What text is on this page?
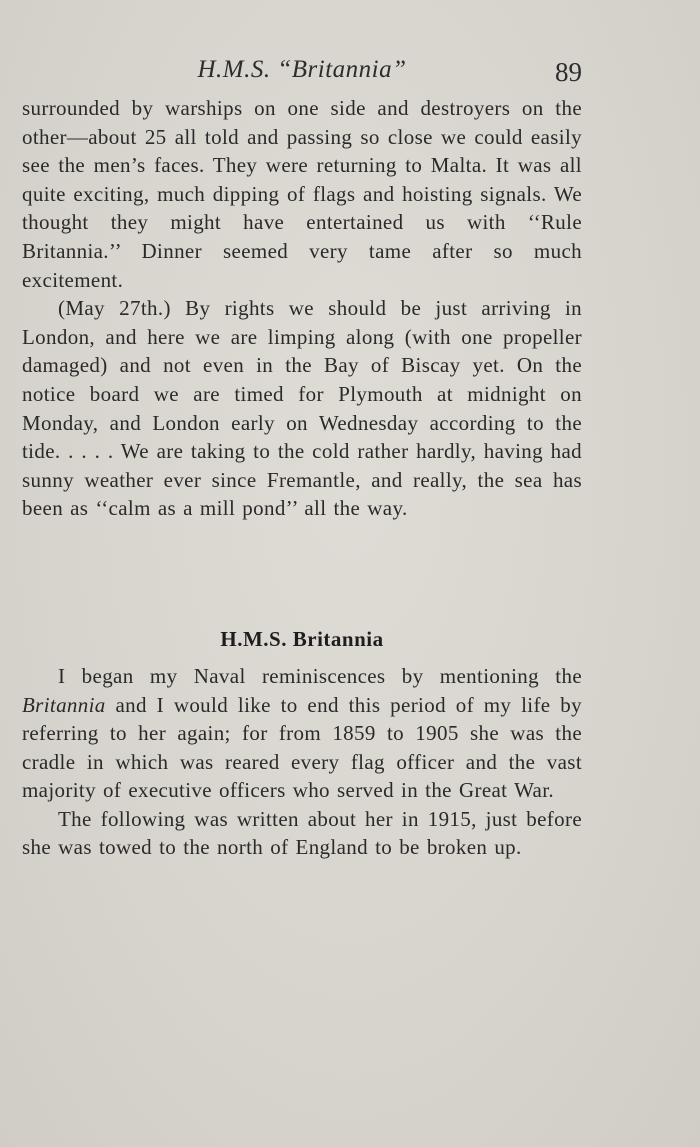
H.M.S. “Britannia”	89

surrounded by warships on one side and destroyers on the other—about 25 all told and passing so close we could easily see the men’s faces. They were returning to Malta. It was all quite exciting, much dipping of flags and hoisting signals. We thought they might have entertained us with ‘‘Rule Britannia.’’ Dinner seemed very tame after so much excitement.

(May 27th.) By rights we should be just arriving in London, and here we are limping along (with one propeller damaged) and not even in the Bay of Biscay yet. On the notice board we are timed for Plymouth at midnight on Monday, and London early on Wednesday according to the tide. . . . . We are taking to the cold rather hardly, having had sunny weather ever since Fremantle, and really, the sea has been as ‘‘calm as a mill pond’’ all the way.

H.M.S. Britannia

I began my Naval reminiscences by mentioning the Britannia and I would like to end this period of my life by referring to her again; for from 1859 to 1905 she was the cradle in which was reared every flag officer and the vast majority of executive officers who served in the Great War.

The following was written about her in 1915, just before she was towed to the north of England to be broken up.
